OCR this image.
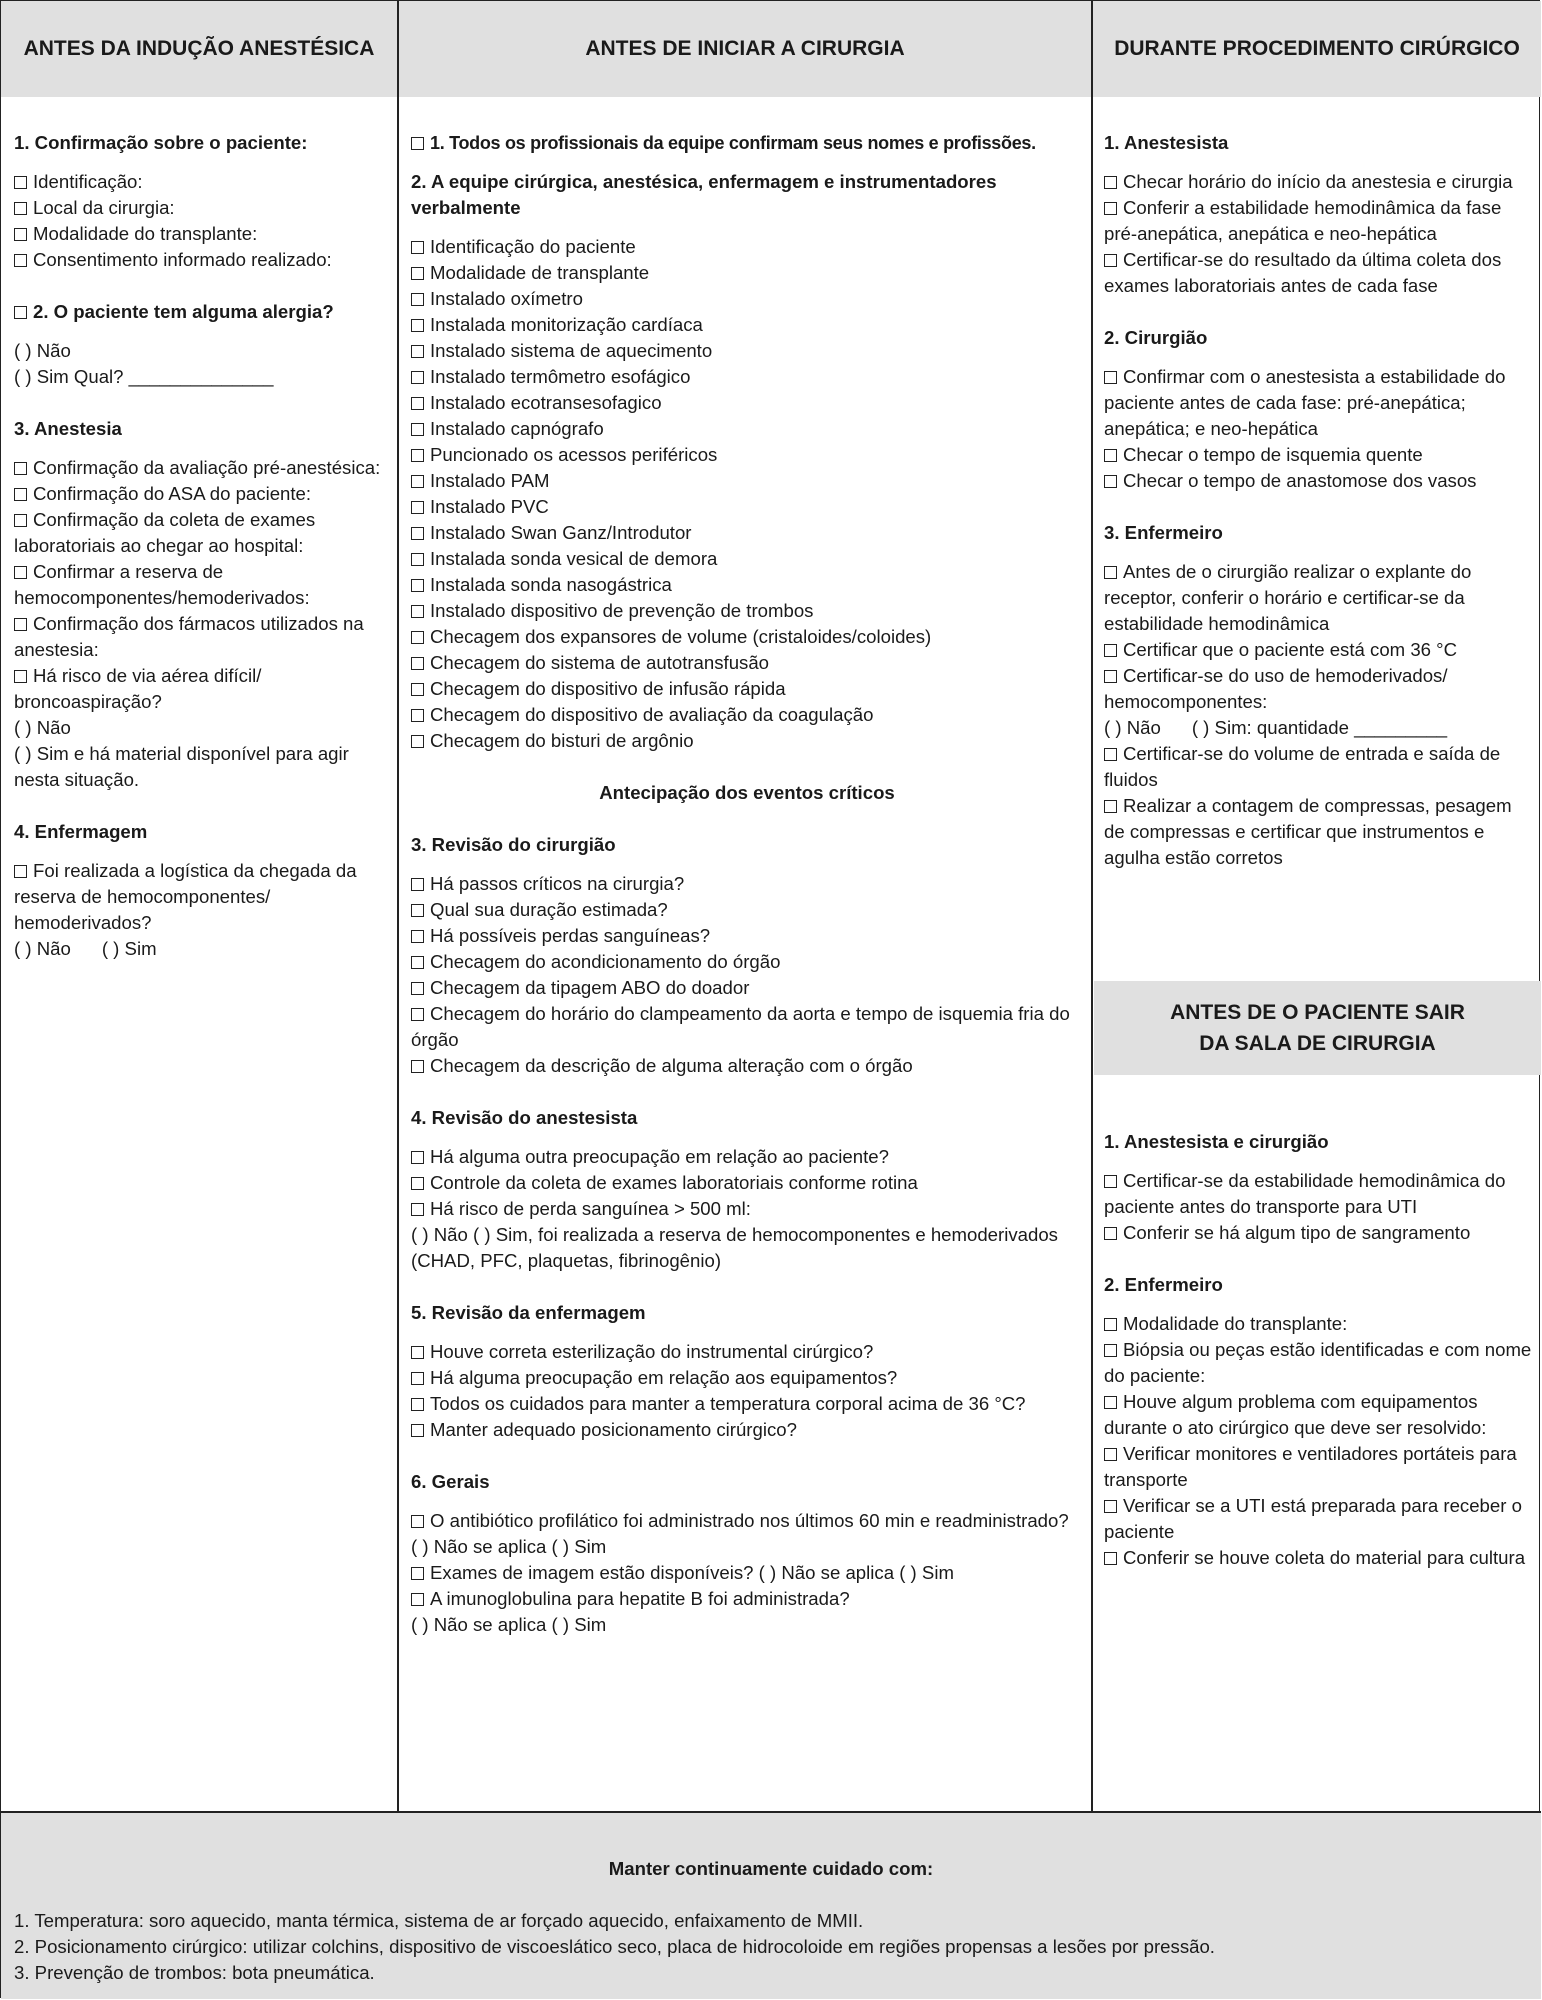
ANTES DA INDUÇÃO ANESTÉSICA	ANTES DE INICIAR A CIRURGIA	DURANTE PROCEDIMENTO CIRÚRGICO
ANTES DE O PACIENTE SAIR
DA SALA DE CIRURGIA

1. Confirmação sobre o paciente:

Identificação:

Local da cirurgia:

Modalidade do transplante:

Consentimento informado realizado:

2. O paciente tem alguma alergia?

( ) Não

( ) Sim Qual? ______________

3. Anestesia

Confirmação da avaliação pré-anestésica:

Confirmação do ASA do paciente:

Confirmação da coleta de exames laboratoriais ao chegar ao hospital:

Confirmar a reserva de hemocomponentes/hemoderivados:

Confirmação dos fármacos utilizados na anestesia:

Há risco de via aérea difícil/ broncoaspiração?

( ) Não

( ) Sim e há material disponível para agir nesta situação.

4. Enfermagem

Foi realizada a logística da chegada da reserva de hemocomponentes/ hemoderivados?

( ) Não      ( ) Sim

1. Todos os profissionais da equipe confirmam seus nomes e profissões.

2. A equipe cirúrgica, anestésica, enfermagem e instrumentadores verbalmente

Identificação do paciente

Modalidade de transplante

Instalado oxímetro

Instalada monitorização cardíaca

Instalado sistema de aquecimento

Instalado termômetro esofágico

Instalado ecotransesofagico

Instalado capnógrafo

Puncionado os acessos periféricos

Instalado PAM

Instalado PVC

Instalado Swan Ganz/Introdutor

Instalada sonda vesical de demora

Instalada sonda nasogástrica

Instalado dispositivo de prevenção de trombos

Checagem dos expansores de volume (cristaloides/coloides)

Checagem do sistema de autotransfusão

Checagem do dispositivo de infusão rápida

Checagem do dispositivo de avaliação da coagulação

Checagem do bisturi de argônio

Antecipação dos eventos críticos

3. Revisão do cirurgião

Há passos críticos na cirurgia?

Qual sua duração estimada?

Há possíveis perdas sanguíneas?

Checagem do acondicionamento do órgão

Checagem da tipagem ABO do doador

Checagem do horário do clampeamento da aorta e tempo de isquemia fria do órgão

Checagem da descrição de alguma alteração com o órgão

4. Revisão do anestesista

Há alguma outra preocupação em relação ao paciente?

Controle da coleta de exames laboratoriais conforme rotina

Há risco de perda sanguínea > 500 ml:

( ) Não ( ) Sim, foi realizada a reserva de hemocomponentes e hemoderivados (CHAD, PFC, plaquetas, fibrinogênio)

5. Revisão da enfermagem

Houve correta esterilização do instrumental cirúrgico?

Há alguma preocupação em relação aos equipamentos?

Todos os cuidados para manter a temperatura corporal acima de 36 °C?

Manter adequado posicionamento cirúrgico?

6. Gerais

O antibiótico profilático foi administrado nos últimos 60 min e readministrado?

( ) Não se aplica ( ) Sim

Exames de imagem estão disponíveis? ( ) Não se aplica ( ) Sim

A imunoglobulina para hepatite B foi administrada?

( ) Não se aplica ( ) Sim

1. Anestesista

Checar horário do início da anestesia e cirurgia

Conferir a estabilidade hemodinâmica da fase pré-anepática, anepática e neo-hepática

Certificar-se do resultado da última coleta dos exames laboratoriais antes de cada fase

2. Cirurgião

Confirmar com o anestesista a estabilidade do paciente antes de cada fase: pré-anepática; anepática; e neo-hepática

Checar o tempo de isquemia quente

Checar o tempo de anastomose dos vasos

3. Enfermeiro

Antes de o cirurgião realizar o explante do receptor, conferir o horário e certificar-se da estabilidade hemodinâmica

Certificar que o paciente está com 36 °C

Certificar-se do uso de hemoderivados/ hemocomponentes:

( ) Não      ( ) Sim: quantidade _________

Certificar-se do volume de entrada e saída de fluidos

Realizar a contagem de compressas, pesagem de compressas e certificar que instrumentos e agulha estão corretos

1. Anestesista e cirurgião

Certificar-se da estabilidade hemodinâmica do paciente antes do transporte para UTI

Conferir se há algum tipo de sangramento

2. Enfermeiro

Modalidade do transplante:

Biópsia ou peças estão identificadas e com nome do paciente:

Houve algum problema com equipamentos durante o ato cirúrgico que deve ser resolvido:

Verificar monitores e ventiladores portáteis para transporte

Verificar se a UTI está preparada para receber o paciente

Conferir se houve coleta do material para cultura

Manter continuamente cuidado com:

1. Temperatura: soro aquecido, manta térmica, sistema de ar forçado aquecido, enfaixamento de MMII.

2. Posicionamento cirúrgico: utilizar colchins, dispositivo de viscoeslático seco, placa de hidrocoloide em regiões propensas a lesões por pressão.

3. Prevenção de trombos: bota pneumática.
